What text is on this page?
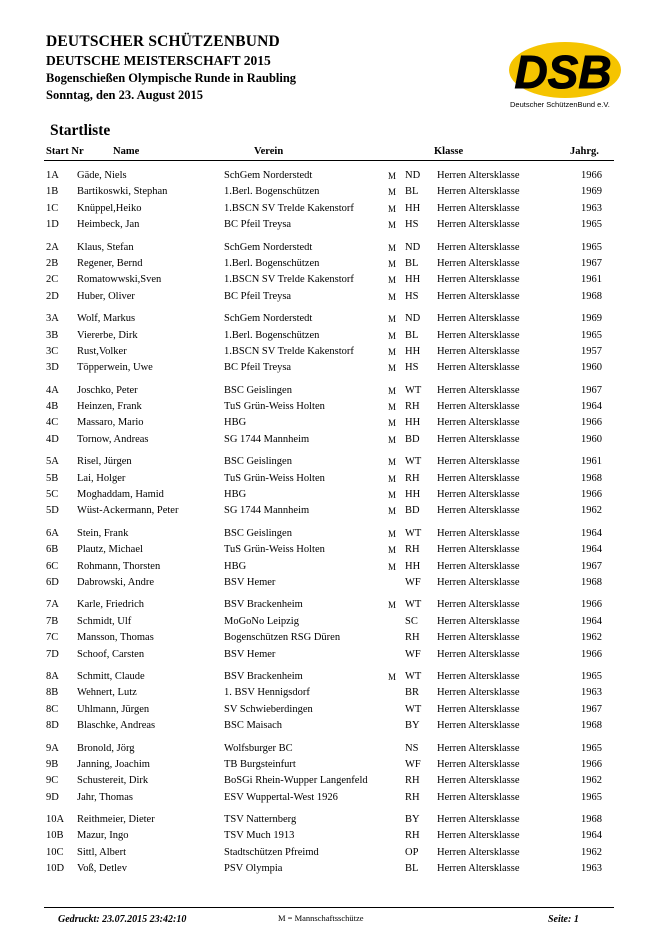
DEUTSCHER SCHÜTZENBUND
DEUTSCHE MEISTERSCHAFT 2015
Bogenschießen Olympische Runde in Raubling
Sonntag, den 23. August 2015	DSB
Deutscher SchützenBund e.V.
Startliste
Start Nr	Name	Verein	Klasse	Jahrg.
1A Gäde, Niels	SchGem Norderstedt	M ND Herren Altersklasse	1966
1B Bartikoswki, Stephan	1.Berl. Bogenschützen	M BL Herren Altersklasse	1969
1C Knüppel,Heiko	1.BSCN SV Trelde Kakenstorf	M HH Herren Altersklasse	1963
1D Heimbeck, Jan	BC Pfeil Treysa	M HS Herren Altersklasse	1965
2A Klaus, Stefan	SchGem Norderstedt	M ND Herren Altersklasse	1965
2B Regener, Bernd	1.Berl. Bogenschützen	M BL Herren Altersklasse	1967
2C Romatowwski,Sven	1.BSCN SV Trelde Kakenstorf	M HH Herren Altersklasse	1961
2D Huber, Oliver	BC Pfeil Treysa	M HS Herren Altersklasse	1968
3A Wolf, Markus	SchGem Norderstedt	M ND Herren Altersklasse	1969
3B Viererbe, Dirk	1.Berl. Bogenschützen	M BL Herren Altersklasse	1965
3C Rust,Volker	1.BSCN SV Trelde Kakenstorf	M HH Herren Altersklasse	1957
3D Töpperwein, Uwe	BC Pfeil Treysa	M HS Herren Altersklasse	1960
4A Joschko, Peter	BSC Geislingen	M WT Herren Altersklasse	1967
4B Heinzen, Frank	TuS Grün-Weiss Holten	M RH Herren Altersklasse	1964
4C Massaro, Mario	HBG	M HH Herren Altersklasse	1966
4D Tornow, Andreas	SG 1744 Mannheim	M BD Herren Altersklasse	1960
5A Risel, Jürgen	BSC Geislingen	M WT Herren Altersklasse	1961
5B Lai, Holger	TuS Grün-Weiss Holten	M RH Herren Altersklasse	1968
5C Moghaddam, Hamid	HBG	M HH Herren Altersklasse	1966
5D Wüst-Ackermann, Peter	SG 1744 Mannheim	M BD Herren Altersklasse	1962
6A Stein, Frank	BSC Geislingen	M WT Herren Altersklasse	1964
6B Plautz, Michael	TuS Grün-Weiss Holten	M RH Herren Altersklasse	1964
6C Rohmann, Thorsten	HBG	M HH Herren Altersklasse	1967
6D Dabrowski, Andre	BSV Hemer	WF Herren Altersklasse	1968
7A Karle, Friedrich	BSV Brackenheim	M WT Herren Altersklasse	1966
7B Schmidt, Ulf	MoGoNo Leipzig	SC Herren Altersklasse	1964
7C Mansson, Thomas	Bogenschützen RSG Düren	RH Herren Altersklasse	1962
7D Schoof, Carsten	BSV Hemer	WF Herren Altersklasse	1966
8A Schmitt, Claude	BSV Brackenheim	M WT Herren Altersklasse	1965
8B Wehnert, Lutz	1. BSV Hennigsdorf	BR Herren Altersklasse	1963
8C Uhlmann, Jürgen	SV Schwieberdingen	WT Herren Altersklasse	1967
8D Blaschke, Andreas	BSC Maisach	BY Herren Altersklasse	1968
9A Bronold, Jörg	Wolfsburger BC	NS Herren Altersklasse	1965
9B Janning, Joachim	TB Burgsteinfurt	WF Herren Altersklasse	1966
9C Schustereit, Dirk	BoSGi Rhein-Wupper Langenfeld	RH Herren Altersklasse	1962
9D Jahr, Thomas	ESV Wuppertal-West 1926	RH Herren Altersklasse	1965
10A Reithmeier, Dieter	TSV Natternberg	BY Herren Altersklasse	1968
10B Mazur, Ingo	TSV Much 1913	RH Herren Altersklasse	1964
10C Sittl, Albert	Stadtschützen Pfreimd	OP Herren Altersklasse	1962
10D Voß, Detlev	PSV Olympia	BL Herren Altersklasse	1963
Gedruckt: 23.07.2015 23:42:10	M = Mannschaftsschütze	Seite: 1
